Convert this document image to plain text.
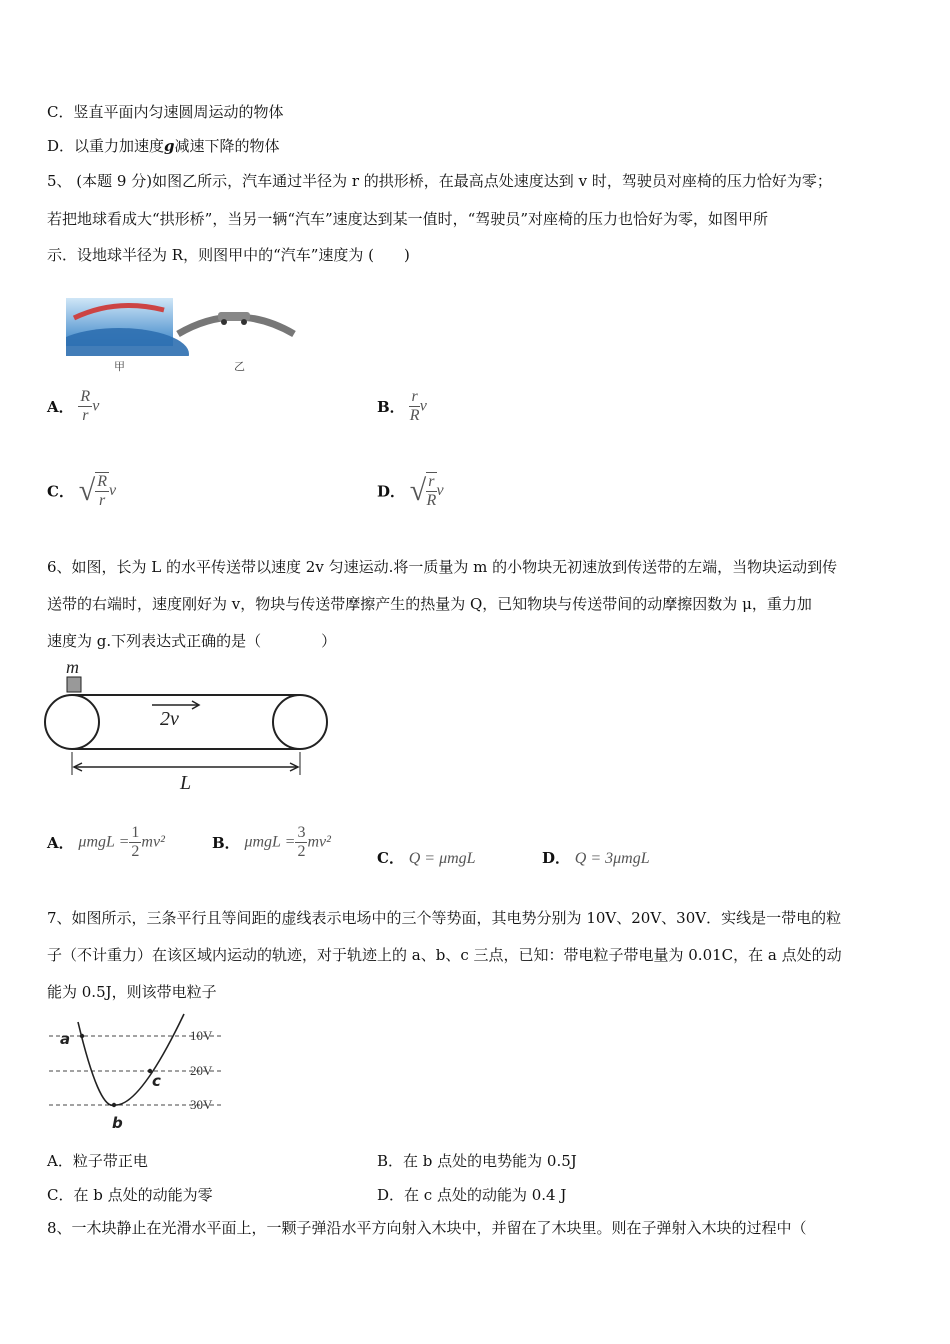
C．竖直平面内匀速圆周运动的物体
D．以重力加速度g减速下降的物体
5、 (本题 9 分)如图乙所示，汽车通过半径为 r 的拱形桥，在最高点处速度达到 v 时，驾驶员对座椅的压力恰好为零；
若把地球看成大“拱形桥”，当另一辆“汽车”速度达到某一值时，“驾驶员”对座椅的压力也恰好为零，如图甲所
示．设地球半径为 R，则图甲中的“汽车”速度为 (　　)
甲	乙
A． $\frac{R}{r}$ v	B． $\frac{r}{R}$ v
C． √ $\frac{R}{r}$ v	D． √ $\frac{r}{R}$ v
6、如图，长为 L 的水平传送带以速度 2v 匀速运动.将一质量为 m 的小物块无初速放到传送带的左端，当物块运动到传
送带的右端时，速度刚好为 v，物块与传送带摩擦产生的热量为 Q，已知物块与传送带间的动摩擦因数为 μ，重力加
速度为 g.下列表达式正确的是（　　　　）
m
2v
L
A． $\mu mgL = \frac{1}{2} mv^2$	B． $\mu mgL = \frac{3}{2} mv^2$
C． Q = μmgL	D． Q = 3μmgL
7、如图所示，三条平行且等间距的虚线表示电场中的三个等势面，其电势分别为 10V、20V、30V．实线是一带电的粒
子（不计重力）在该区域内运动的轨迹，对于轨迹上的 a、b、c 三点，已知：带电粒子带电量为 0.01C，在 a 点处的动
能为 0.5J，则该带电粒子
10V
20V
30V
a
b
c
A．粒子带正电	B．在 b 点处的电势能为 0.5J
C．在 b 点处的动能为零	D．在 c 点处的动能为 0.4 J
8、一木块静止在光滑水平面上，一颗子弹沿水平方向射入木块中，并留在了木块里。则在子弹射入木块的过程中（
